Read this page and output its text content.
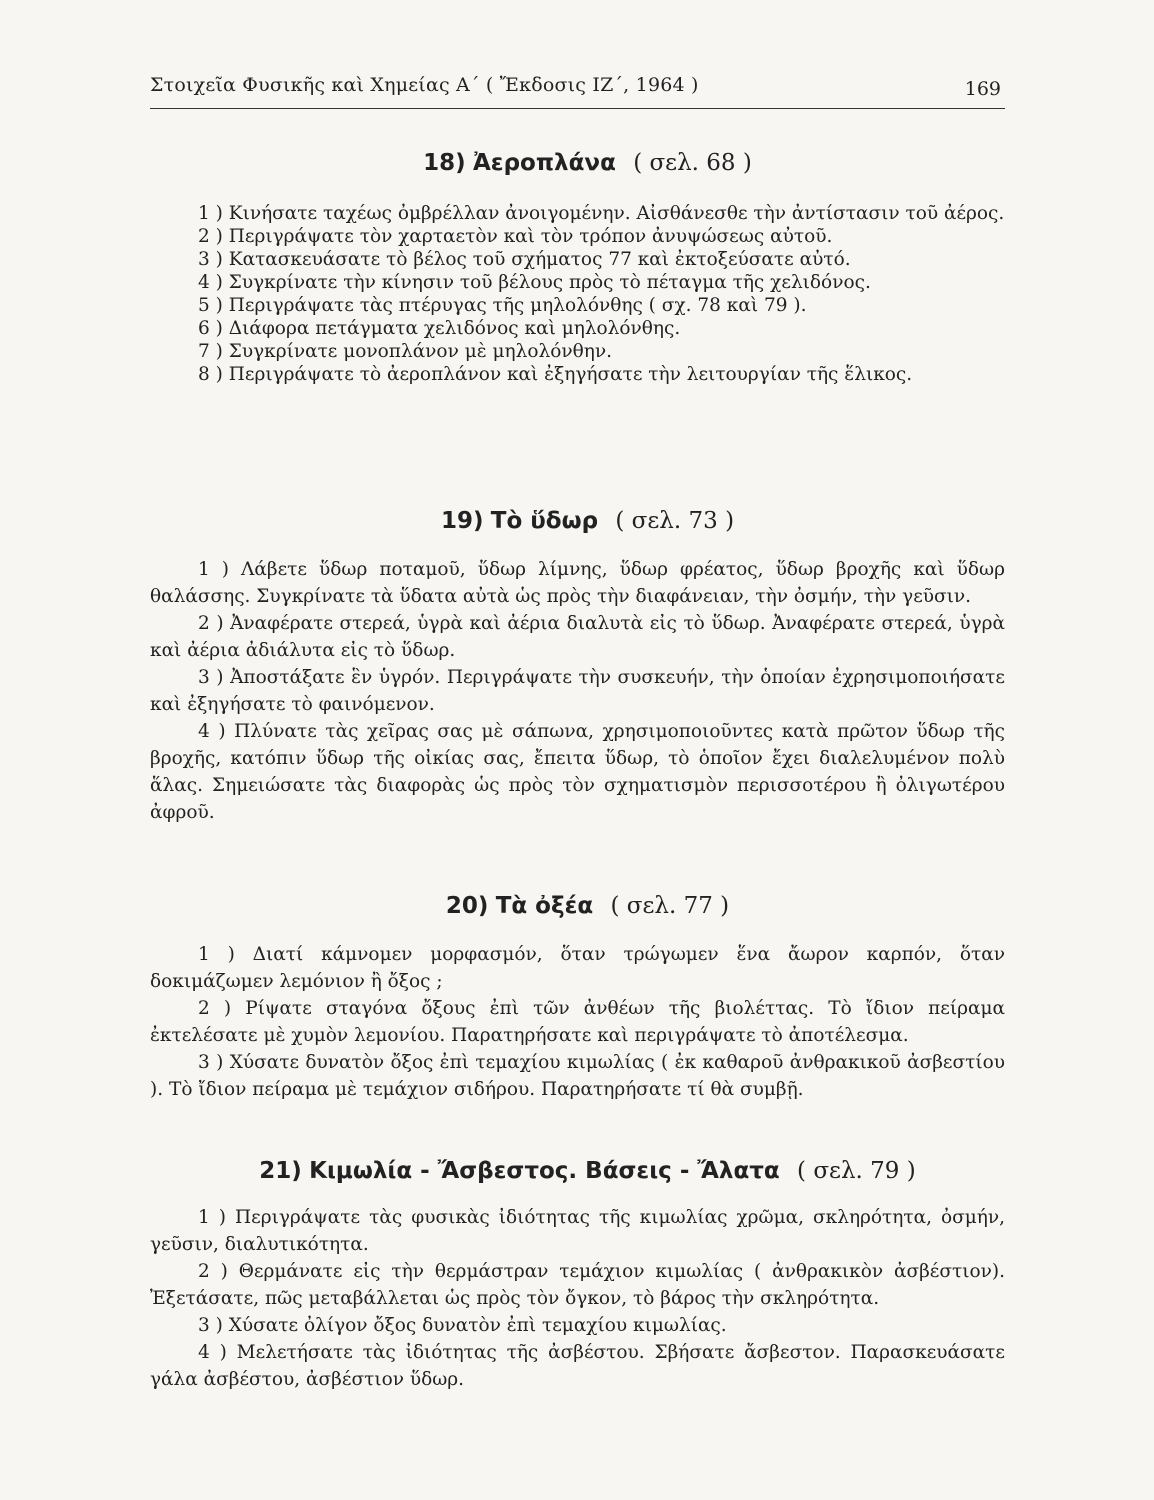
Στοιχεῖα Φυσικῆς καὶ Χημείας Α΄ ( Ἔκδοσις ΙΖ΄, 1964 )	169
18) Ἀεροπλάνα ( σελ. 68 )

1 ) Κινήσατε ταχέως ὀμβρέλλαν ἀνοιγομένην. Αἰσθάνεσθε τὴν ἀντίστασιν τοῦ ἀέρος.

2 ) Περιγράψατε τὸν χαρταετὸν καὶ τὸν τρόπον ἀνυψώσεως αὐτοῦ.

3 ) Κατασκευάσατε τὸ βέλος τοῦ σχήματος 77 καὶ ἐκτοξεύσατε αὐτό.

4 ) Συγκρίνατε τὴν κίνησιν τοῦ βέλους πρὸς τὸ πέταγμα τῆς χελιδόνος.

5 ) Περιγράψατε τὰς πτέρυγας τῆς μηλολόνθης ( σχ. 78 καὶ 79 ).

6 ) Διάφορα πετάγματα χελιδόνος καὶ μηλολόνθης.

7 ) Συγκρίνατε μονοπλάνον μὲ μηλολόνθην.

8 ) Περιγράψατε τὸ ἀεροπλάνον καὶ ἐξηγήσατε τὴν λειτουργίαν τῆς ἕλικος.

19) Τὸ ὕδωρ ( σελ. 73 )

1 ) Λάβετε ὕδωρ ποταμοῦ, ὕδωρ λίμνης, ὕδωρ φρέατος, ὕδωρ βροχῆς καὶ ὕδωρ θαλάσσης. Συγκρίνατε τὰ ὕδατα αὐτὰ ὡς πρὸς τὴν διαφάνειαν, τὴν ὀσμήν, τὴν γεῦσιν.

2 ) Ἀναφέρατε στερεά, ὑγρὰ καὶ ἀέρια διαλυτὰ εἰς τὸ ὕδωρ. Ἀναφέρατε στερεά, ὑγρὰ καὶ ἀέρια ἀδιάλυτα εἰς τὸ ὕδωρ.

3 ) Ἀποστάξατε ἓν ὑγρόν. Περιγράψατε τὴν συσκευήν, τὴν ὁποίαν ἐχρησιμοποιήσατε καὶ ἐξηγήσατε τὸ φαινόμενον.

4 ) Πλύνατε τὰς χεῖρας σας μὲ σάπωνα, χρησιμοποιοῦντες κατὰ πρῶτον ὕδωρ τῆς βροχῆς, κατόπιν ὕδωρ τῆς οἰκίας σας, ἔπειτα ὕδωρ, τὸ ὁποῖον ἔχει διαλελυμένον πολὺ ἅλας. Σημειώσατε τὰς διαφορὰς ὡς πρὸς τὸν σχηματισμὸν περισσοτέρου ἢ ὀλιγωτέρου ἀφροῦ.

20) Τὰ ὀξέα ( σελ. 77 )

1 ) Διατί κάμνομεν μορφασμόν, ὅταν τρώγωμεν ἕνα ἄωρον καρπόν, ὅταν δοκιμάζωμεν λεμόνιον ἢ ὄξος ;

2 ) Ρίψατε σταγόνα ὄξους ἐπὶ τῶν ἀνθέων τῆς βιολέττας. Τὸ ἴδιον πείραμα ἐκτελέσατε μὲ χυμὸν λεμονίου. Παρατηρήσατε καὶ περιγράψατε τὸ ἀποτέλεσμα.

3 ) Χύσατε δυνατὸν ὄξος ἐπὶ τεμαχίου κιμωλίας ( ἐκ καθαροῦ ἀνθρακικοῦ ἀσβεστίου ). Τὸ ἴδιον πείραμα μὲ τεμάχιον σιδήρου. Παρατηρήσατε τί θὰ συμβῇ.

21) Κιμωλία - Ἄσβεστος. Βάσεις - Ἄλατα ( σελ. 79 )

1 ) Περιγράψατε τὰς φυσικὰς ἰδιότητας τῆς κιμωλίας χρῶμα, σκληρότητα, ὀσμήν, γεῦσιν, διαλυτικότητα.

2 ) Θερμάνατε εἰς τὴν θερμάστραν τεμάχιον κιμωλίας ( ἀνθρακικὸν ἀσβέστιον). Ἐξετάσατε, πῶς μεταβάλλεται ὡς πρὸς τὸν ὄγκον, τὸ βάρος τὴν σκληρότητα.

3 ) Χύσατε ὀλίγον ὄξος δυνατὸν ἐπὶ τεμαχίου κιμωλίας.

4 ) Μελετήσατε τὰς ἰδιότητας τῆς ἀσβέστου. Σβήσατε ἄσβεστον. Παρασκευάσατε γάλα ἀσβέστου, ἀσβέστιον ὕδωρ.
